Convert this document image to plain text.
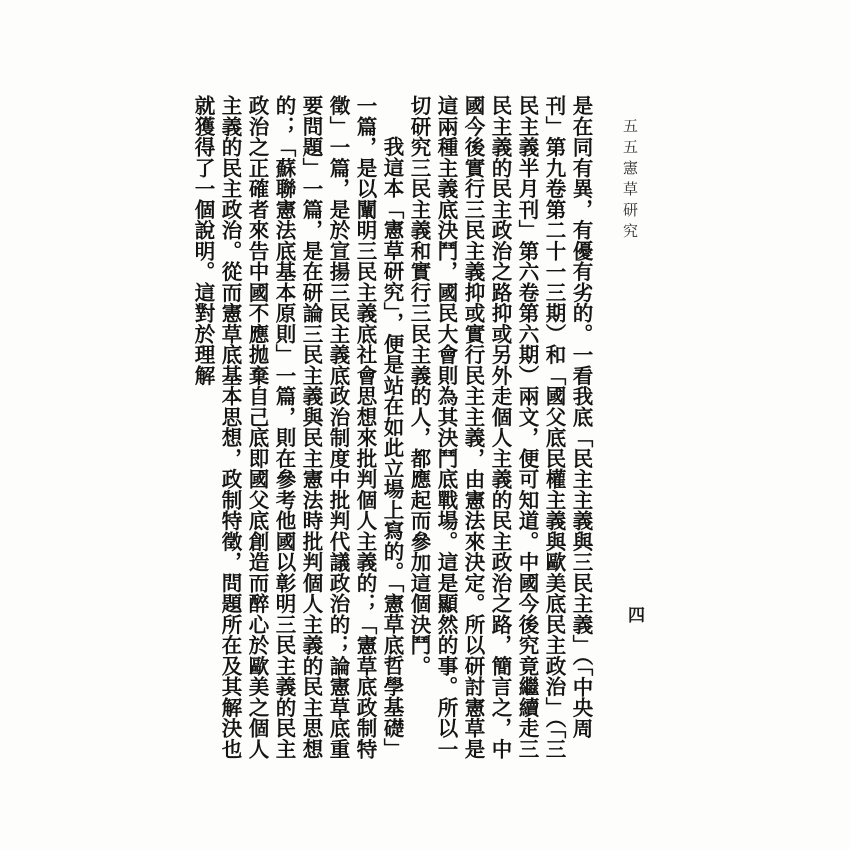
五五憲草研究
四

是在同有異，有優有劣的。一看我底「民主主義與三民主義」（「中央周刊」第九卷第二十一三期）和「國父底民權主義與歐美底民主政治」（「三民主義半月刊」第六卷第六期）兩文，便可知道。中國今後究竟繼續走三民主義的民主政治之路抑或另外走個人主義的民主政治之路，簡言之，中國今後實行三民主義抑或實行民主主義，由憲法來決定。所以研討憲草是這兩種主義底決鬥，國民大會則為其決鬥底戰場。這是顯然的事。所以一切研究三民主義和實行三民主義的人，都應起而參加這個決鬥。

我這本「憲草研究」，便是站在如此立場上寫的。「憲草底哲學基礎」一篇，是以闡明三民主義底社會思想來批判個人主義的；「憲草底政制特徵」一篇，是於宣揚三民主義底政治制度中批判代議政治的；論憲草底重要問題」一篇，是在研論三民主義與民主憲法時批判個人主義的民主思想的；「蘇聯憲法底基本原則」一篇，則在參考他國以彰明三民主義的民主政治之正確者來告中國不應拋棄自己底即國父底創造而醉心於歐美之個人主義的民主政治。從而憲草底基本思想，政制特徵，問題所在及其解決也就獲得了一個說明。這對於理解
